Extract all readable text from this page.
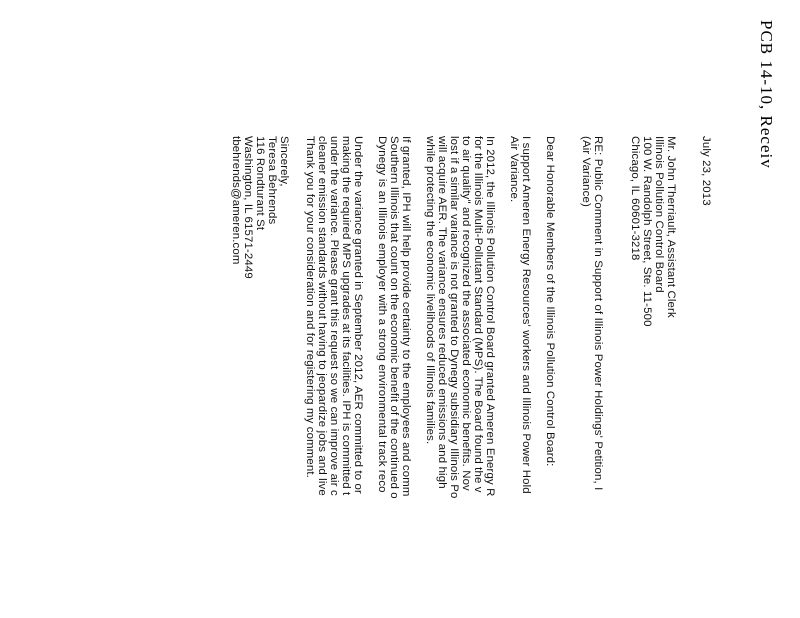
PCB 14-10, Receiv
July 23, 2013
Mr. John Therriault, Assistant Clerk
Illinois Pollution Control Board
100 W. Randolph Street, Ste. 11-500
Chicago, IL 60601-3218
RE: Public Comment in Support of Illinois Power Holdings' Petition, I
(Air Variance)
Dear Honorable Members of the Illinois Pollution Control Board:
I support Ameren Energy Resources' workers and Illinois Power Hold
Air Variance.
In 2012, the Illinois Pollution Control Board granted Ameren Energy R
for the Illinois Multi-Pollutant Standard (MPS). The Board found the v
to air quality" and recognized the associated economic benefits. Nov
lost if a similar variance is not granted to Dynegy subsidiary Illinois Po
will acquire AER. The variance ensures reduced emissions and high
while protecting the economic livelihoods of Illinois families.
If granted, IPH will help provide certainty to the employees and comm
Southern Illinois that count on the economic benefit of the continued o
Dynegy is an Illinois employer with a strong environmental track reco
Under the variance granted in September 2012, AER committed to or
making the required MPS upgrades at its facilities. IPH is committed t
under the variance. Please grant this request so we can improve air c
cleaner emission standards without having to jeopardize jobs and live
Thank you for your consideration and for registering my comment.
Sincerely,
Teresa Behrends
116 Rondturant St
Washington, IL 61571-2449
tbehrends@ameren.com
